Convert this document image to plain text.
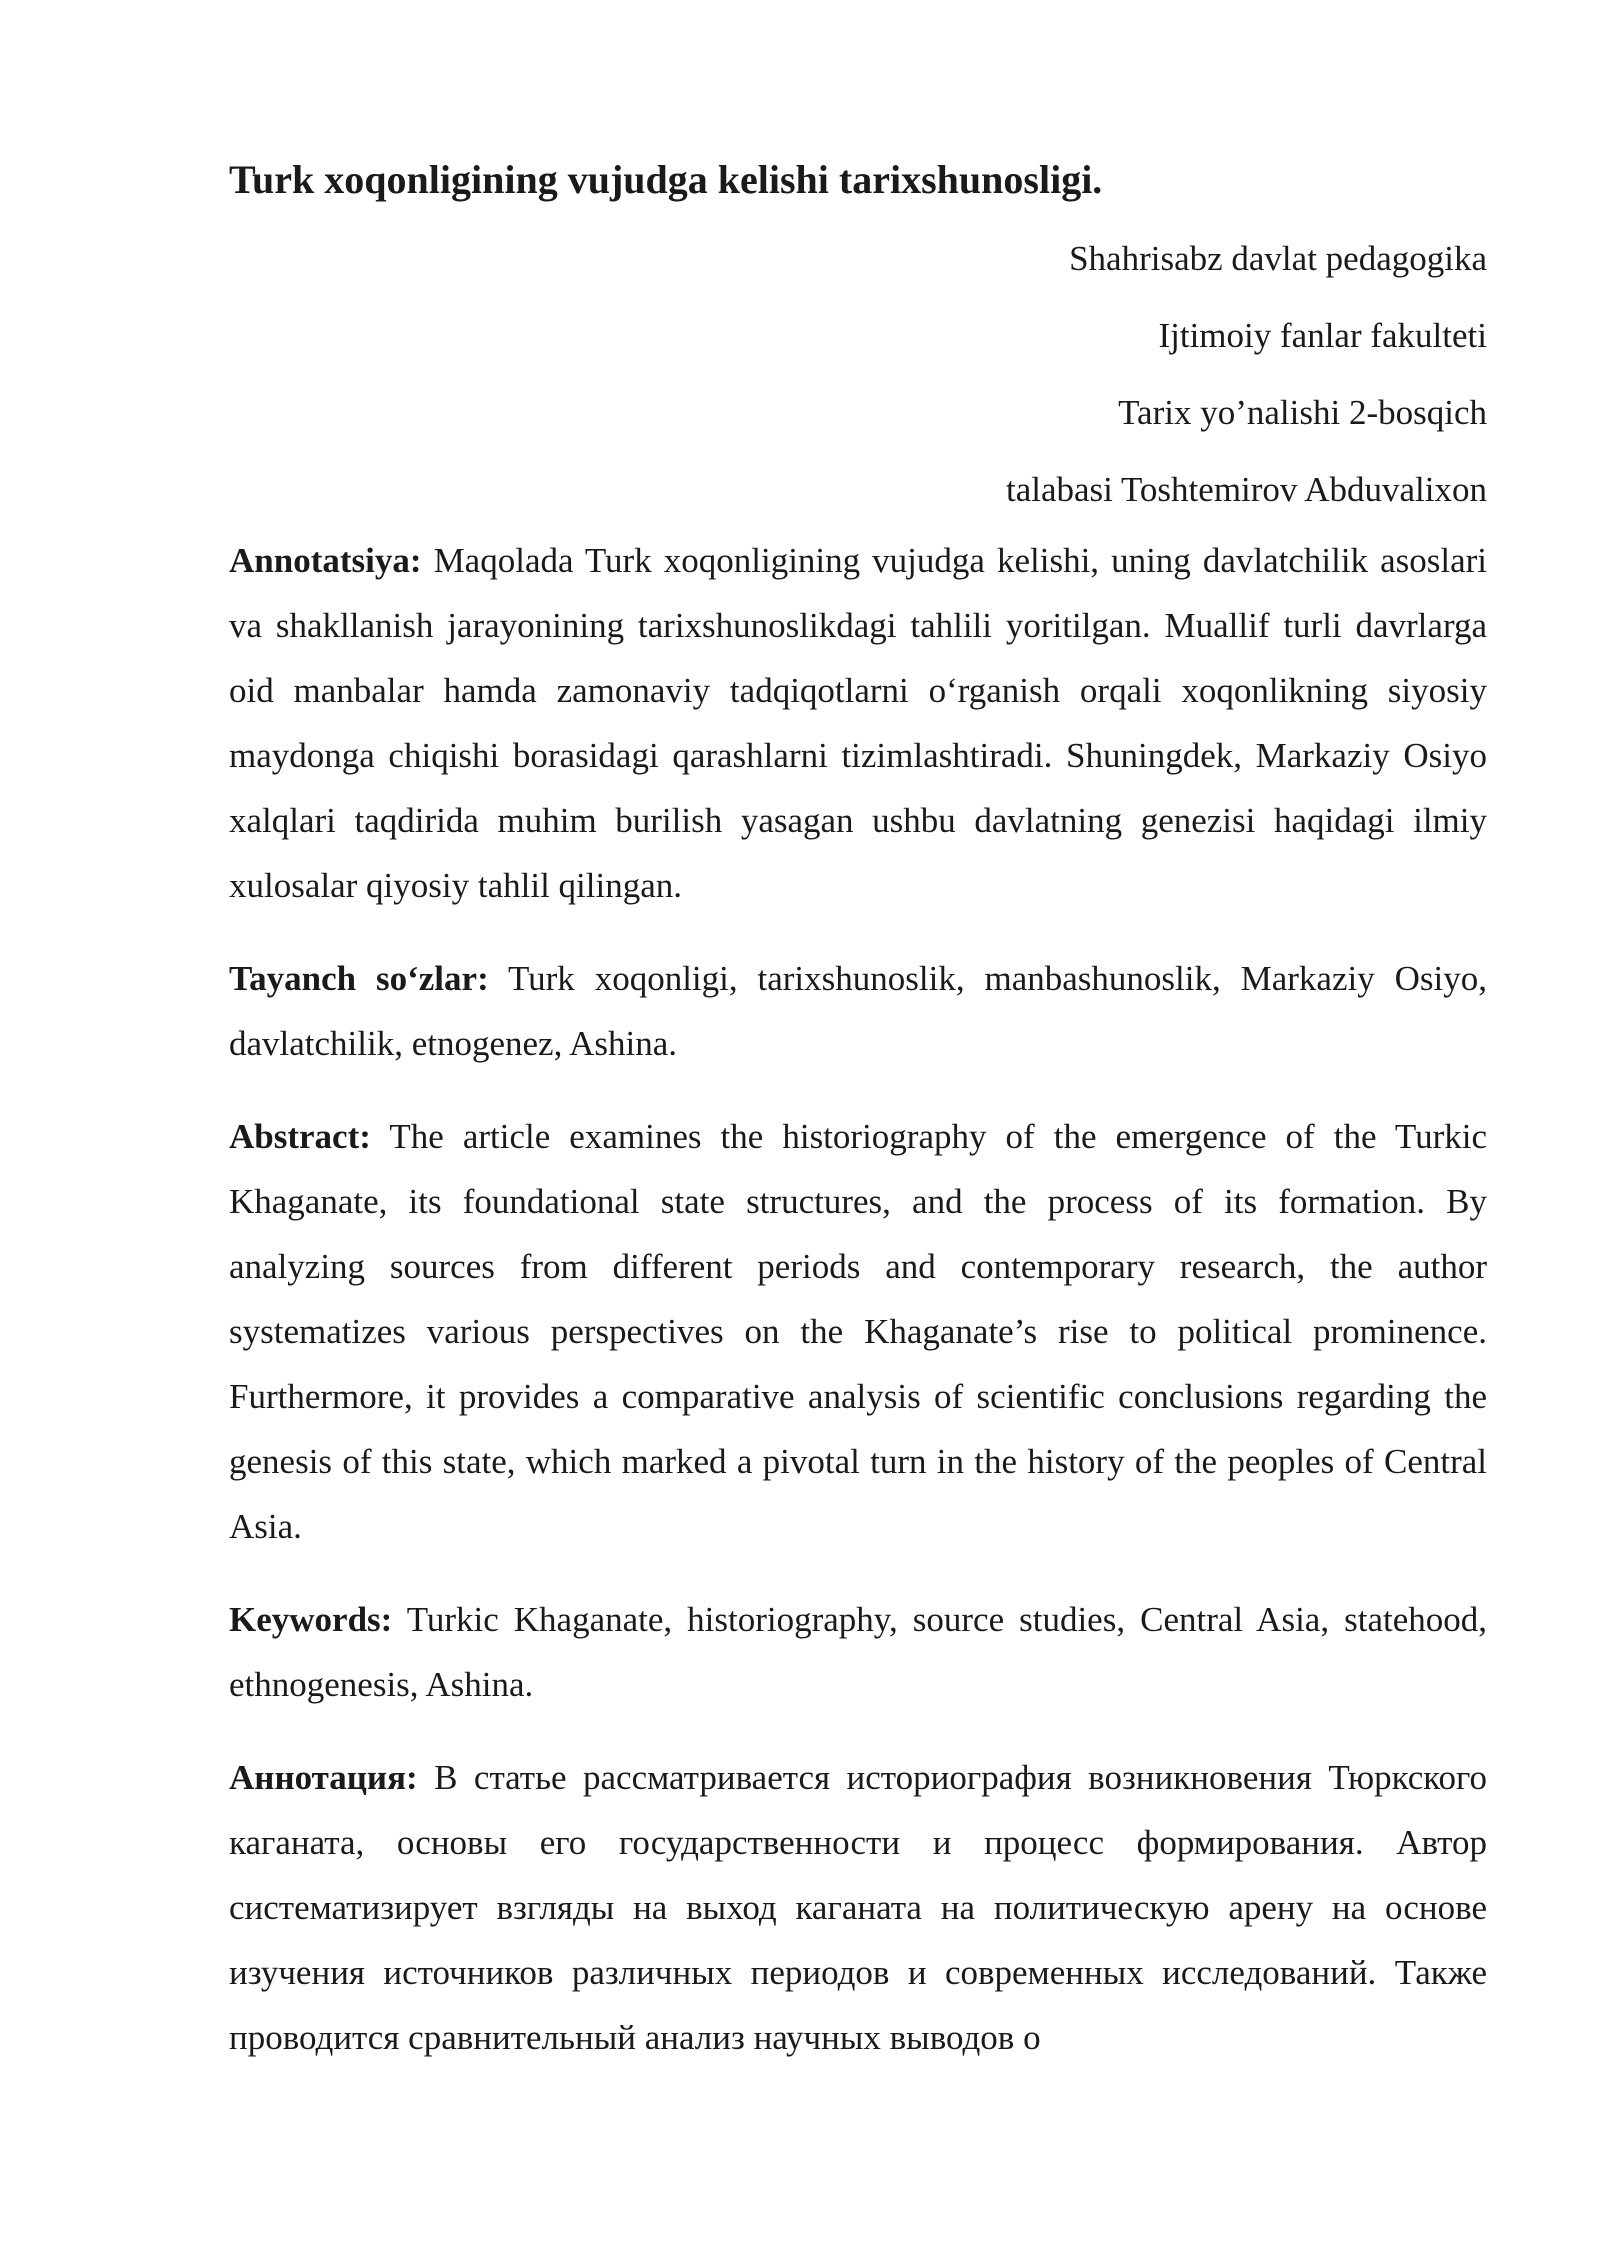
Turk xoqonligining vujudga kelishi tarixshunosligi.
Shahrisabz davlat pedagogika
Ijtimoiy fanlar fakulteti
Tarix yo’nalishi 2-bosqich
talabasi Toshtemirov Abduvalixon

Annotatsiya: Maqolada Turk xoqonligining vujudga kelishi, uning davlatchilik asoslari va shakllanish jarayonining tarixshunoslikdagi tahlili yoritilgan. Muallif turli davrlarga oid manbalar hamda zamonaviy tadqiqotlarni o‘rganish orqali xoqonlikning siyosiy maydonga chiqishi borasidagi qarashlarni tizimlashtiradi. Shuningdek, Markaziy Osiyo xalqlari taqdirida muhim burilish yasagan ushbu davlatning genezisi haqidagi ilmiy xulosalar qiyosiy tahlil qilingan.

Tayanch so‘zlar: Turk xoqonligi, tarixshunoslik, manbashunoslik, Markaziy Osiyo, davlatchilik, etnogenez, Ashina.

Abstract: The article examines the historiography of the emergence of the Turkic Khaganate, its foundational state structures, and the process of its formation. By analyzing sources from different periods and contemporary research, the author systematizes various perspectives on the Khaganate’s rise to political prominence. Furthermore, it provides a comparative analysis of scientific conclusions regarding the genesis of this state, which marked a pivotal turn in the history of the peoples of Central Asia.

Keywords: Turkic Khaganate, historiography, source studies, Central Asia, statehood, ethnogenesis, Ashina.

Аннотация: В статье рассматривается историография возникновения Тюркского каганата, основы его государственности и процесс формирования. Автор систематизирует взгляды на выход каганата на политическую арену на основе изучения источников различных периодов и современных исследований. Также проводится сравнительный анализ научных выводов о
